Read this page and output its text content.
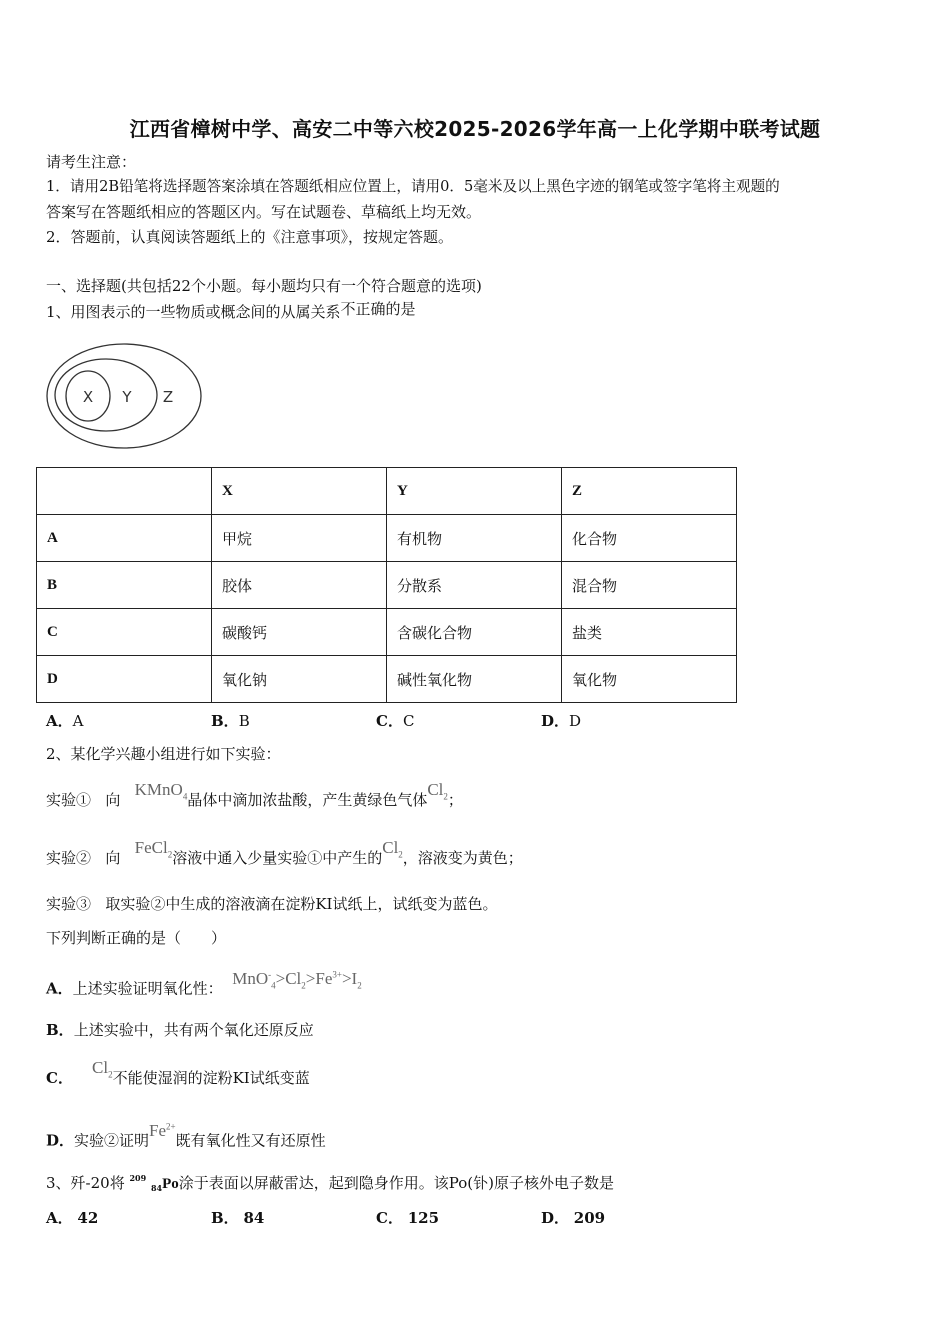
江西省樟树中学、高安二中等六校2025-2026学年高一上化学期中联考试题
请考生注意：
1．请用2B铅笔将选择题答案涂填在答题纸相应位置上，请用0．5毫米及以上黑色字迹的钢笔或签字笔将主观题的
答案写在答题纸相应的答题区内。写在试题卷、草稿纸上均无效。
2．答题前，认真阅读答题纸上的《注意事项》，按规定答题。
一、选择题(共包括22个小题。每小题均只有一个符合题意的选项)
1、用图表示的一些物质或概念间的从属关系不正确的是
X Y Z
	X	Y	Z
A	甲烷	有机物	化合物
B	胶体	分散系	混合物
C	碳酸钙	含碳化合物	盐类
D	氧化钠	碱性氧化物	氧化物
A．A	B．B	C．C	D．D
2、某化学兴趣小组进行如下实验：
实验① 向   KMnO$_4$晶体中滴加浓盐酸，产生黄绿色气体$Cl_2$；
实验② 向   FeCl$_2$溶液中通入少量实验①中产生的$Cl_2$，溶液变为黄色；
实验③ 取实验②中生成的溶液滴在淀粉KI试纸上，试纸变为蓝色。
下列判断正确的是（　　）
A．上述实验证明氧化性：  $MnO^-_4>Cl_2>Fe^{3+}>I_2$
B．上述实验中，共有两个氧化还原反应
C．    $Cl_2$不能使湿润的淀粉KI试纸变蓝
D．实验②证明$Fe^{2+}$既有氧化性又有还原性
3、歼-20将 $^{209}$ $_{84}$Po涂于表面以屏蔽雷达，起到隐身作用。该Po(钋)原子核外电子数是
A． 42	B． 84	C． 125	D． 209
